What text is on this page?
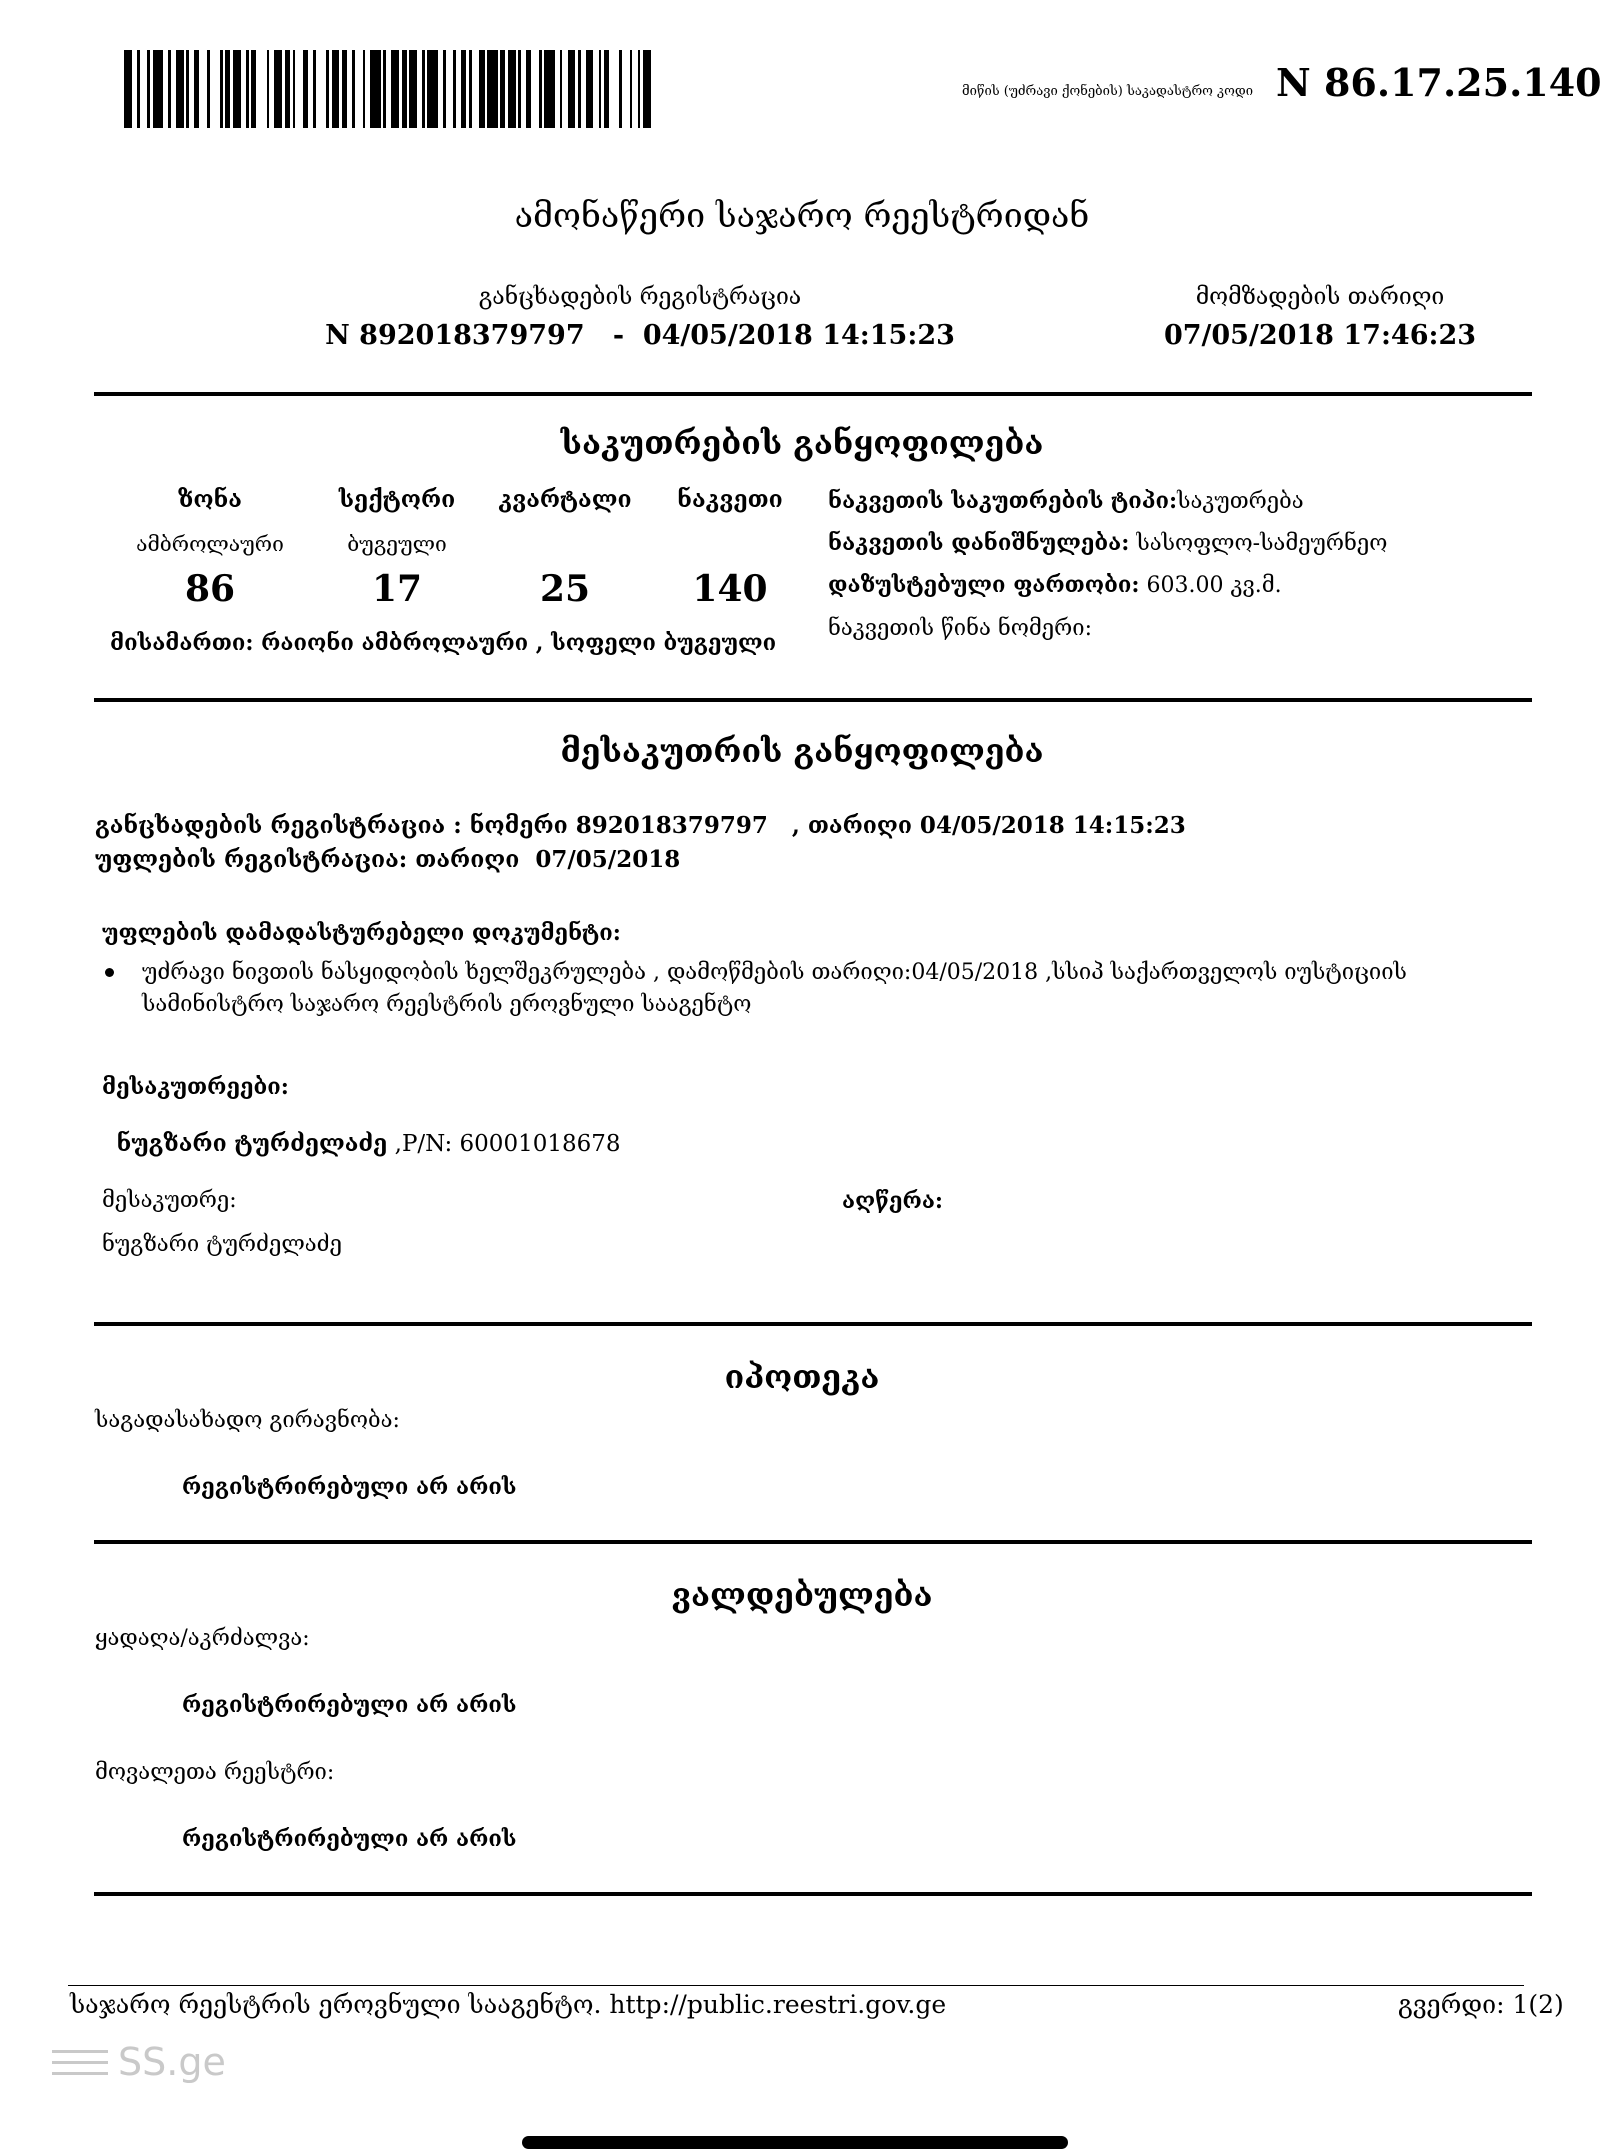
მიწის (უძრავი ქონების) საკადასტრო კოდი N 86.17.25.140
ამონაწერი საჯარო რეესტრიდან
განცხადების რეგისტრაცია
N 892018379797   -  04/05/2018 14:15:23
მომზადების თარიღი
07/05/2018 17:46:23
საკუთრების განყოფილება
ზონა	სექტორი	კვარტალი	ნაკვეთი
ამბროლაური	ბუგეული
86	17	25	140
მისამართი: რაიონი ამბროლაური , სოფელი ბუგეული
ნაკვეთის საკუთრების ტიპი:საკუთრება
ნაკვეთის დანიშნულება: სასოფლო-სამეურნეო
დაზუსტებული ფართობი: 603.00 კვ.მ.
ნაკვეთის წინა ნომერი:
მესაკუთრის განყოფილება
განცხადების რეგისტრაცია : ნომერი 892018379797   , თარიღი 04/05/2018 14:15:23
უფლების რეგისტრაცია: თარიღი  07/05/2018
უფლების დამადასტურებელი დოკუმენტი:
უძრავი ნივთის ნასყიდობის ხელშეკრულება , დამოწმების თარიღი:04/05/2018 ,სსიპ საქართველოს იუსტიციის
სამინისტრო საჯარო რეესტრის ეროვნული სააგენტო
მესაკუთრეები:

ნუგზარი ტურძელაძე ,P/N: 60001018678

მესაკუთრე:	აღწერა:
ნუგზარი ტურძელაძე
იპოთეკა
საგადასახადო გირავნობა:
რეგისტრირებული არ არის
ვალდებულება
ყადაღა/აკრძალვა:
რეგისტრირებული არ არის
მოვალეთა რეესტრი:
რეგისტრირებული არ არის
საჯარო რეესტრის ეროვნული სააგენტო. http://public.reestri.gov.ge	გვერდი: 1(2)
SS.ge
